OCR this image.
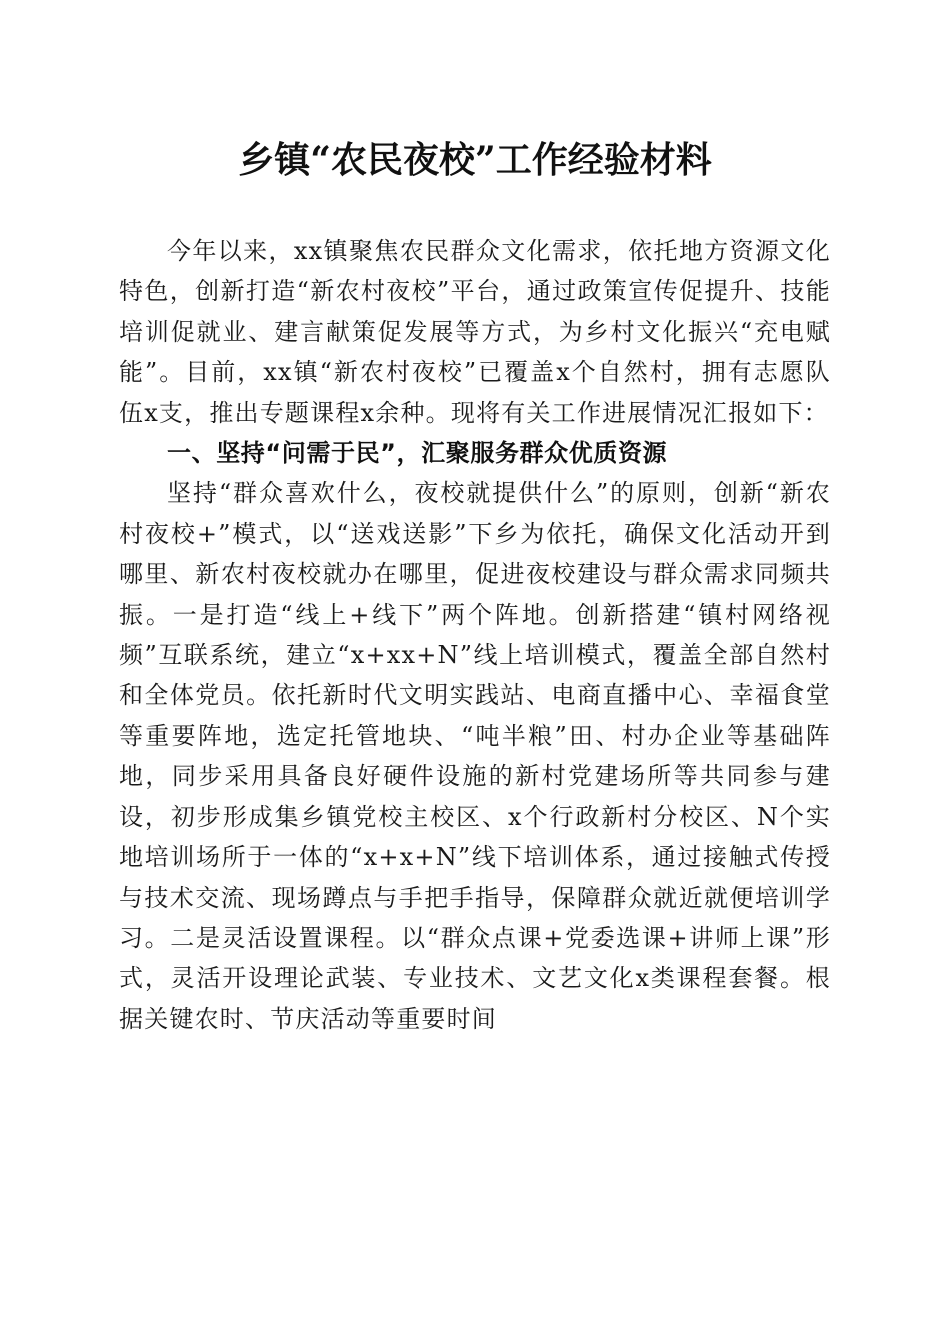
乡镇“农民夜校”工作经验材料

今年以来，xx镇聚焦农民群众文化需求，依托地方资源文化特色，创新打造“新农村夜校”平台，通过政策宣传促提升、技能培训促就业、建言献策促发展等方式，为乡村文化振兴“充电赋能”。目前，xx镇“新农村夜校”已覆盖x个自然村，拥有志愿队伍x支，推出专题课程x余种。现将有关工作进展情况汇报如下：

一、坚持“问需于民”，汇聚服务群众优质资源

坚持“群众喜欢什么，夜校就提供什么”的原则，创新“新农村夜校+”模式，以“送戏送影”下乡为依托，确保文化活动开到哪里、新农村夜校就办在哪里，促进夜校建设与群众需求同频共振。一是打造“线上+线下”两个阵地。创新搭建“镇村网络视频”互联系统，建立“x+xx+N”线上培训模式，覆盖全部自然村和全体党员。依托新时代文明实践站、电商直播中心、幸福食堂等重要阵地，选定托管地块、“吨半粮”田、村办企业等基础阵地，同步采用具备良好硬件设施的新村党建场所等共同参与建设，初步形成集乡镇党校主校区、x个行政新村分校区、N个实地培训场所于一体的“x+x+N”线下培训体系，通过接触式传授与技术交流、现场蹲点与手把手指导，保障群众就近就便培训学习。二是灵活设置课程。以“群众点课+党委选课+讲师上课”形式，灵活开设理论武装、专业技术、文艺文化x类课程套餐。根据关键农时、节庆活动等重要时间
